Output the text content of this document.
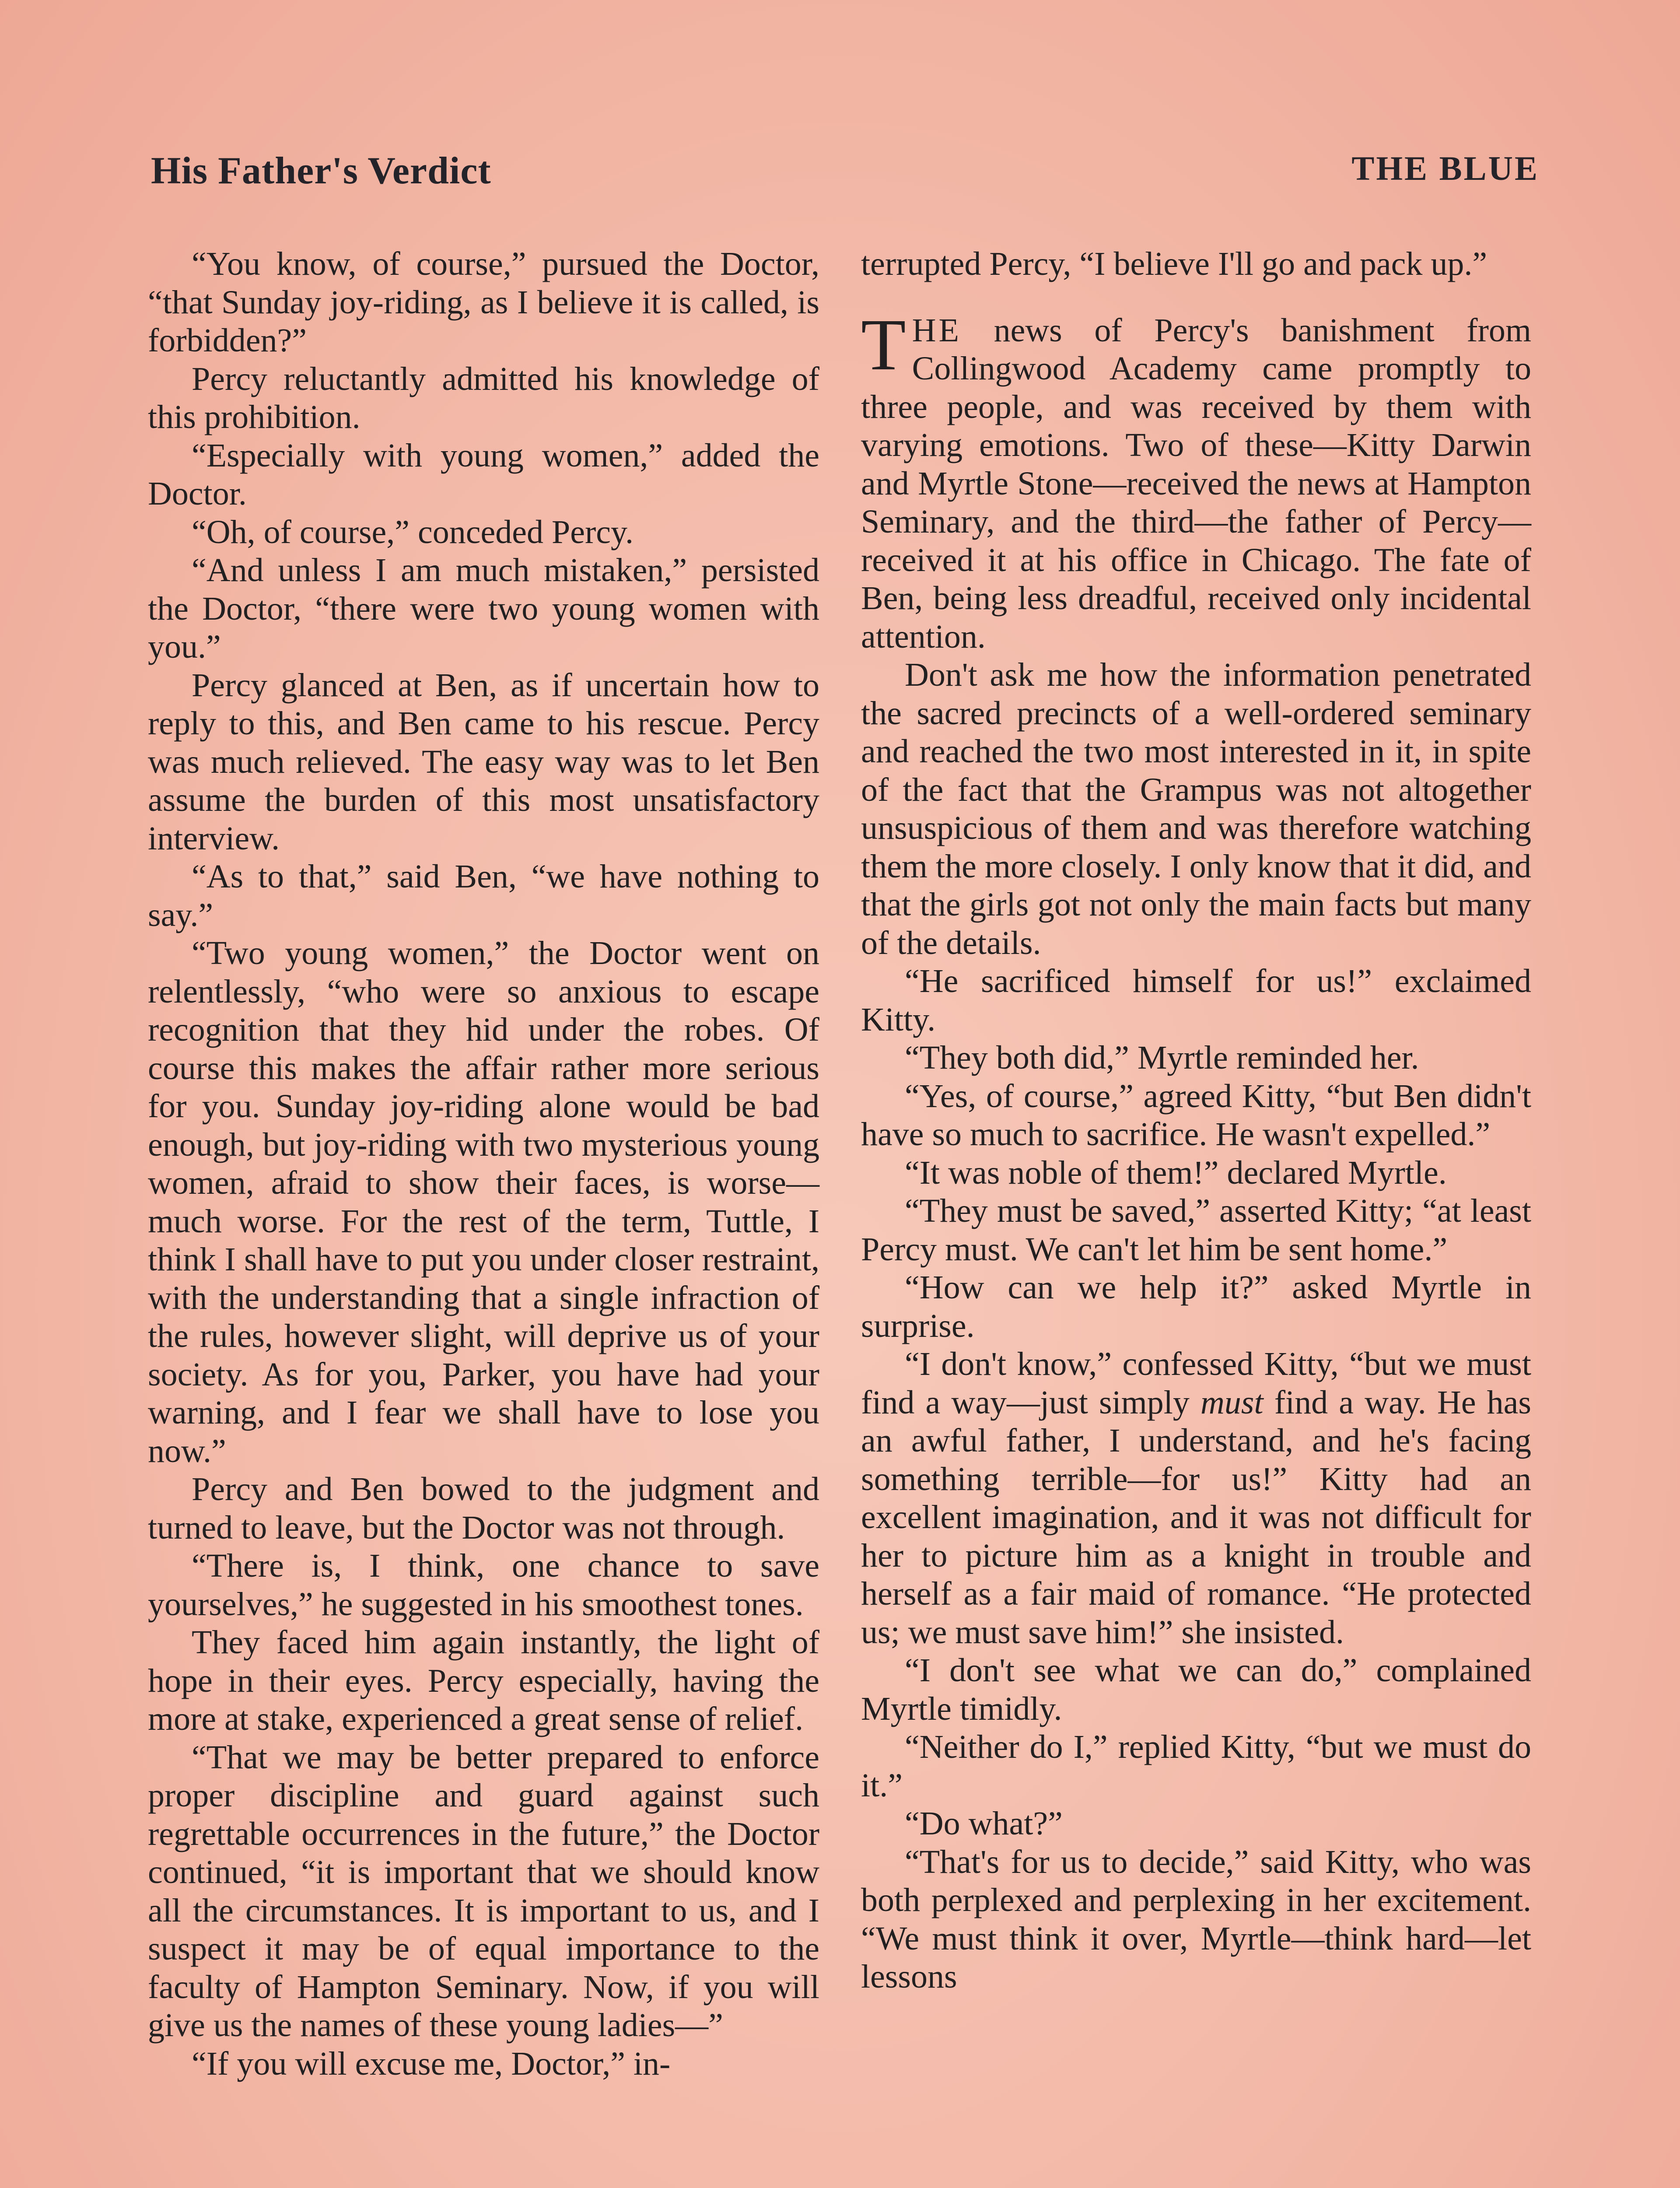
His Father's Verdict	THE BLUE

“You know, of course,” pursued the Doctor, “that Sunday joy-riding, as I believe it is called, is forbidden?”

Percy reluctantly admitted his knowledge of this prohibition.

“Especially with young women,” added the Doctor.

“Oh, of course,” conceded Percy.

“And unless I am much mistaken,” persisted the Doctor, “there were two young women with you.”

Percy glanced at Ben, as if uncertain how to reply to this, and Ben came to his rescue. Percy was much relieved. The easy way was to let Ben assume the burden of this most unsatisfactory interview.

“As to that,” said Ben, “we have nothing to say.”

“Two young women,” the Doctor went on relentlessly, “who were so anxious to escape recognition that they hid under the robes. Of course this makes the affair rather more serious for you. Sunday joy-riding alone would be bad enough, but joy-riding with two mysterious young women, afraid to show their faces, is worse—much worse. For the rest of the term, Tuttle, I think I shall have to put you under closer restraint, with the understanding that a single infraction of the rules, however slight, will deprive us of your society. As for you, Parker, you have had your warning, and I fear we shall have to lose you now.”

Percy and Ben bowed to the judgment and turned to leave, but the Doctor was not through.

“There is, I think, one chance to save yourselves,” he suggested in his smoothest tones.

They faced him again instantly, the light of hope in their eyes. Percy especially, having the more at stake, experienced a great sense of relief.

“That we may be better prepared to enforce proper discipline and guard against such regrettable occurrences in the future,” the Doctor continued, “it is important that we should know all the circumstances. It is important to us, and I suspect it may be of equal importance to the faculty of Hampton Seminary. Now, if you will give us the names of these young ladies—”

“If you will excuse me, Doctor,” in-

terrupted Percy, “I believe I'll go and pack up.”

THE news of Percy's banishment from Collingwood Academy came promptly to three people, and was received by them with varying emotions. Two of these—Kitty Darwin and Myrtle Stone—received the news at Hampton Seminary, and the third—the father of Percy—received it at his office in Chicago. The fate of Ben, being less dreadful, received only incidental attention.

Don't ask me how the information penetrated the sacred precincts of a well-ordered seminary and reached the two most interested in it, in spite of the fact that the Grampus was not altogether unsuspicious of them and was therefore watching them the more closely. I only know that it did, and that the girls got not only the main facts but many of the details.

“He sacrificed himself for us!” exclaimed Kitty.

“They both did,” Myrtle reminded her.

“Yes, of course,” agreed Kitty, “but Ben didn't have so much to sacrifice. He wasn't expelled.”

“It was noble of them!” declared Myrtle.

“They must be saved,” asserted Kitty; “at least Percy must. We can't let him be sent home.”

“How can we help it?” asked Myrtle in surprise.

“I don't know,” confessed Kitty, “but we must find a way—just simply must find a way. He has an awful father, I understand, and he's facing something terrible—for us!” Kitty had an excellent imagination, and it was not difficult for her to picture him as a knight in trouble and herself as a fair maid of romance. “He protected us; we must save him!” she insisted.

“I don't see what we can do,” complained Myrtle timidly.

“Neither do I,” replied Kitty, “but we must do it.”

“Do what?”

“That's for us to decide,” said Kitty, who was both perplexed and perplexing in her excitement. “We must think it over, Myrtle—think hard—let lessons
